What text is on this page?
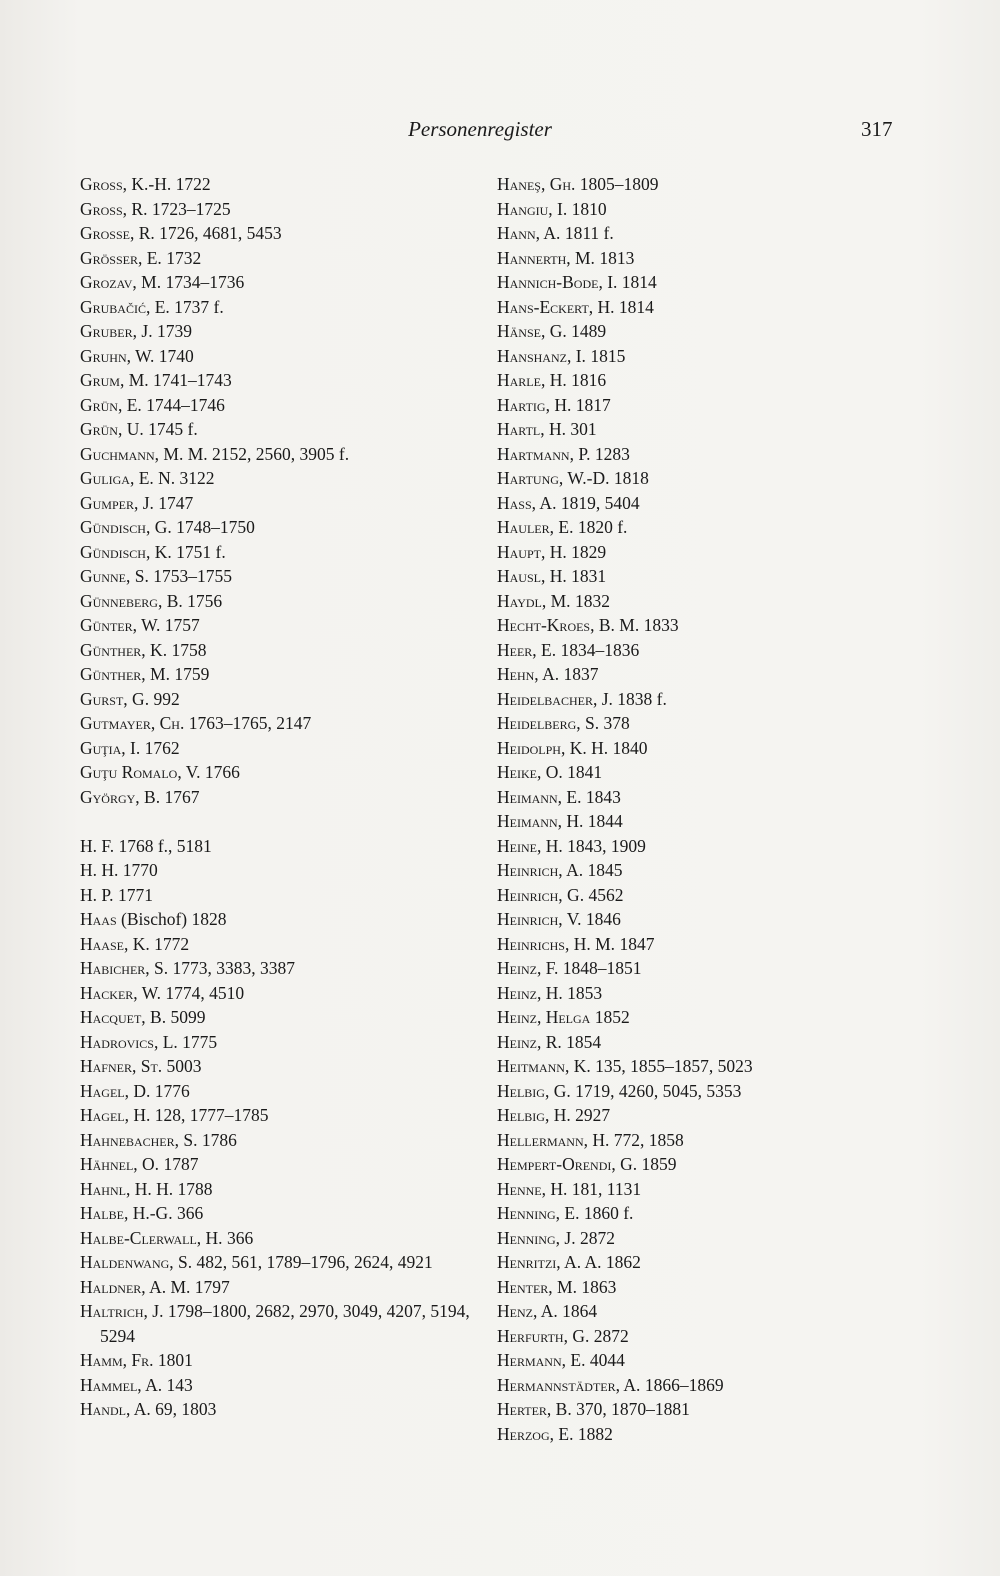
Personenregister	317
Gross, K.-H. 1722
Gross, R. 1723–1725
Grosse, R. 1726, 4681, 5453
Grösser, E. 1732
Grozav, M. 1734–1736
Grubačić, E. 1737 f.
Gruber, J. 1739
Gruhn, W. 1740
Grum, M. 1741–1743
Grün, E. 1744–1746
Grün, U. 1745 f.
Guchmann, M. M. 2152, 2560, 3905 f.
Guliga, E. N. 3122
Gumper, J. 1747
Gündisch, G. 1748–1750
Gündisch, K. 1751 f.
Gunne, S. 1753–1755
Günneberg, B. 1756
Günter, W. 1757
Günther, K. 1758
Günther, M. 1759
Gurst, G. 992
Gutmayer, Ch. 1763–1765, 2147
Guţia, I. 1762
Guţu Romalo, V. 1766
György, B. 1767
H. F. 1768 f., 5181
H. H. 1770
H. P. 1771
Haas (Bischof) 1828
Haase, K. 1772
Habicher, S. 1773, 3383, 3387
Hacker, W. 1774, 4510
Hacquet, B. 5099
Hadrovics, L. 1775
Hafner, St. 5003
Hagel, D. 1776
Hagel, H. 128, 1777–1785
Hahnebacher, S. 1786
Hähnel, O. 1787
Hahnl, H. H. 1788
Halbe, H.-G. 366
Halbe-Clerwall, H. 366
Haldenwang, S. 482, 561, 1789–1796, 2624, 4921
Haldner, A. M. 1797
Haltrich, J. 1798–1800, 2682, 2970, 3049, 4207, 5194, 5294
Hamm, Fr. 1801
Hammel, A. 143
Handl, A. 69, 1803
Haneş, Gh. 1805–1809
Hangiu, I. 1810
Hann, A. 1811 f.
Hannerth, M. 1813
Hannich-Bode, I. 1814
Hans-Eckert, H. 1814
Hänse, G. 1489
Hanshanz, I. 1815
Harle, H. 1816
Hartig, H. 1817
Hartl, H. 301
Hartmann, P. 1283
Hartung, W.-D. 1818
Hass, A. 1819, 5404
Hauler, E. 1820 f.
Haupt, H. 1829
Hausl, H. 1831
Haydl, M. 1832
Hecht-Kroes, B. M. 1833
Heer, E. 1834–1836
Hehn, A. 1837
Heidelbacher, J. 1838 f.
Heidelberg, S. 378
Heidolph, K. H. 1840
Heike, O. 1841
Heimann, E. 1843
Heimann, H. 1844
Heine, H. 1843, 1909
Heinrich, A. 1845
Heinrich, G. 4562
Heinrich, V. 1846
Heinrichs, H. M. 1847
Heinz, F. 1848–1851
Heinz, H. 1853
Heinz, Helga 1852
Heinz, R. 1854
Heitmann, K. 135, 1855–1857, 5023
Helbig, G. 1719, 4260, 5045, 5353
Helbig, H. 2927
Hellermann, H. 772, 1858
Hempert-Orendi, G. 1859
Henne, H. 181, 1131
Henning, E. 1860 f.
Henning, J. 2872
Henritzi, A. A. 1862
Henter, M. 1863
Henz, A. 1864
Herfurth, G. 2872
Hermann, E. 4044
Hermannstädter, A. 1866–1869
Herter, B. 370, 1870–1881
Herzog, E. 1882
